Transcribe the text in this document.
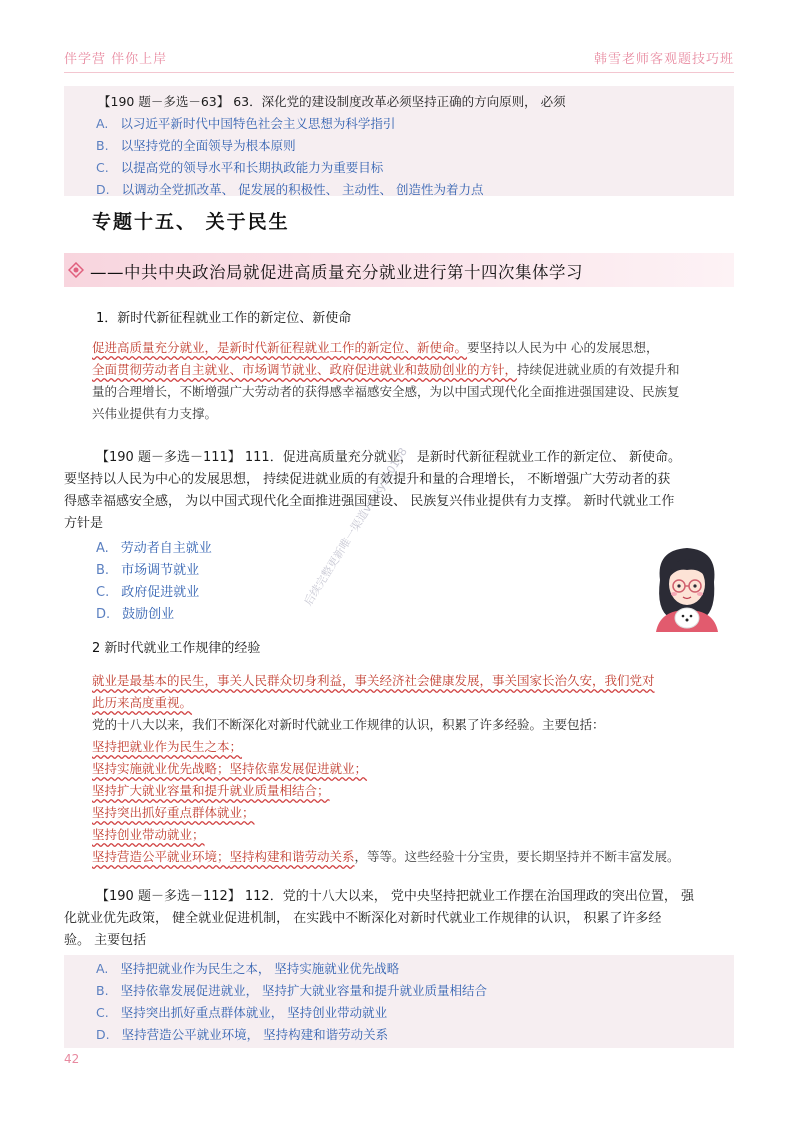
伴学营 伴你上岸	韩雪老师客观题技巧班
【190 题－多选－63】 63．深化党的建设制度改革必须坚持正确的方向原则， 必须
A. 以习近平新时代中国特色社会主义思想为科学指引
B. 以坚持党的全面领导为根本原则
C. 以提高党的领导水平和长期执政能力为重要目标
D. 以调动全党抓改革、 促发展的积极性、 主动性、 创造性为着力点
专题十五、 关于民生
——中共中央政治局就促进高质量充分就业进行第十四次集体学习
1．新时代新征程就业工作的新定位、新使命
促进高质量充分就业，是新时代新征程就业工作的新定位、新使命。要坚持以人民为中 心的发展思想，
全面贯彻劳动者自主就业、市场调节就业、政府促进就业和鼓励创业的方针，持续促进就业质的有效提升和
量的合理增长，不断增强广大劳动者的获得感幸福感安全感，为以中国式现代化全面推进强国建设、民族复
兴伟业提供有力支撑。
【190 题－多选－111】 111．促进高质量充分就业， 是新时代新征程就业工作的新定位、 新使命。
要坚持以人民为中心的发展思想， 持续促进就业质的有效提升和量的合理增长， 不断增强广大劳动者的获
得感幸福感安全感， 为以中国式现代化全面推进强国建设、 民族复兴伟业提供有力支撑。 新时代就业工作
方针是
A. 劳动者自主就业
B. 市场调节就业
C. 政府促进就业
D. 鼓励创业
后续完整更新唯一渠道vx: kysh0108
2 新时代就业工作规律的经验
就业是最基本的民生，事关人民群众切身利益，事关经济社会健康发展，事关国家长治久安，我们党对
此历来高度重视。
党的十八大以来，我们不断深化对新时代就业工作规律的认识，积累了许多经验。主要包括：
坚持把就业作为民生之本；
坚持实施就业优先战略；坚持依靠发展促进就业；
坚持扩大就业容量和提升就业质量相结合；
坚持突出抓好重点群体就业；
坚持创业带动就业；
坚持营造公平就业环境；坚持构建和谐劳动关系，等等。这些经验十分宝贵，要长期坚持并不断丰富发展。
【190 题－多选－112】 112．党的十八大以来， 党中央坚持把就业工作摆在治国理政的突出位置， 强
化就业优先政策， 健全就业促进机制， 在实践中不断深化对新时代就业工作规律的认识， 积累了许多经
验。 主要包括
A. 坚持把就业作为民生之本， 坚持实施就业优先战略
B. 坚持依靠发展促进就业， 坚持扩大就业容量和提升就业质量相结合
C. 坚持突出抓好重点群体就业， 坚持创业带动就业
D. 坚持营造公平就业环境， 坚持构建和谐劳动关系
42
